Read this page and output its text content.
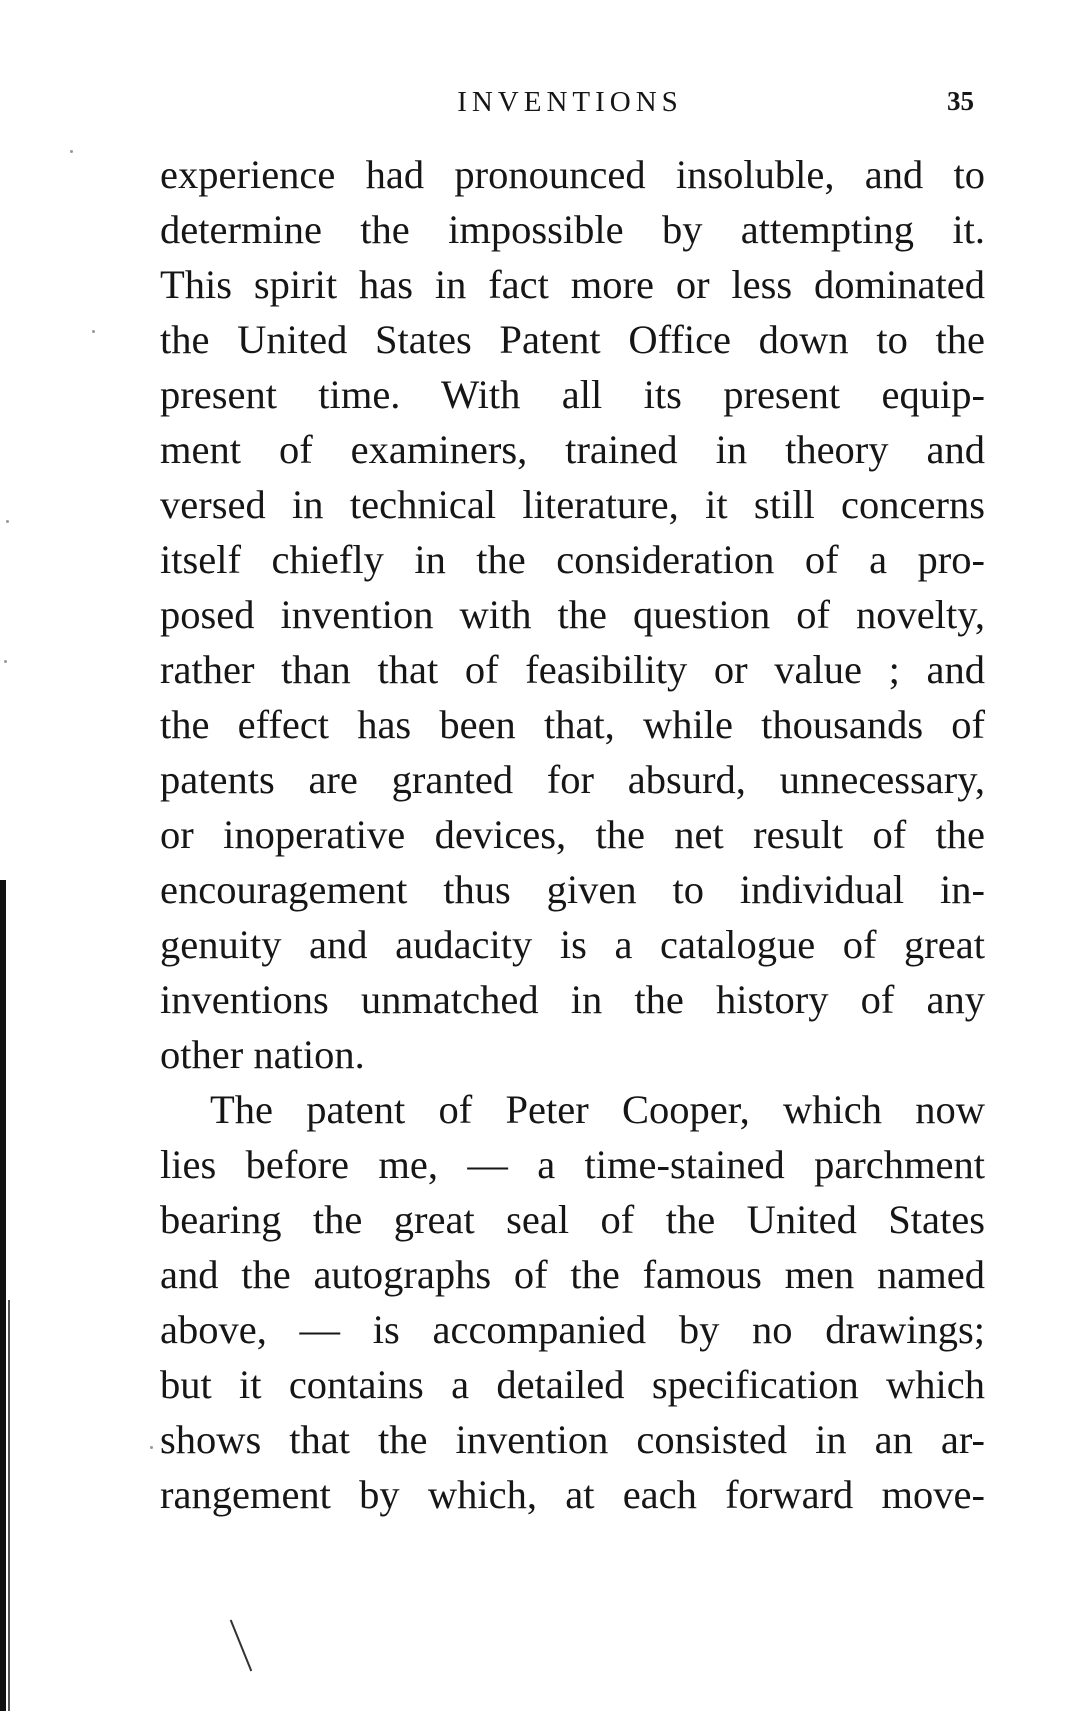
INVENTIONS	35
experience had pronounced insoluble, and to
determine the impossible by attempting it.
This spirit has in fact more or less dominated
the United States Patent Office down to the
present time. With all its present equip-
ment of examiners, trained in theory and
versed in technical literature, it still concerns
itself chiefly in the consideration of a pro-
posed invention with the question of novelty,
rather than that of feasibility or value ; and
the effect has been that, while thousands of
patents are granted for absurd, unnecessary,
or inoperative devices, the net result of the
encouragement thus given to individual in-
genuity and audacity is a catalogue of great
inventions unmatched in the history of any
other nation.
The patent of Peter Cooper, which now
lies before me, — a time-stained parchment
bearing the great seal of the United States
and the autographs of the famous men named
above, — is accompanied by no drawings;
but it contains a detailed specification which
shows that the invention consisted in an ar-
rangement by which, at each forward move-
